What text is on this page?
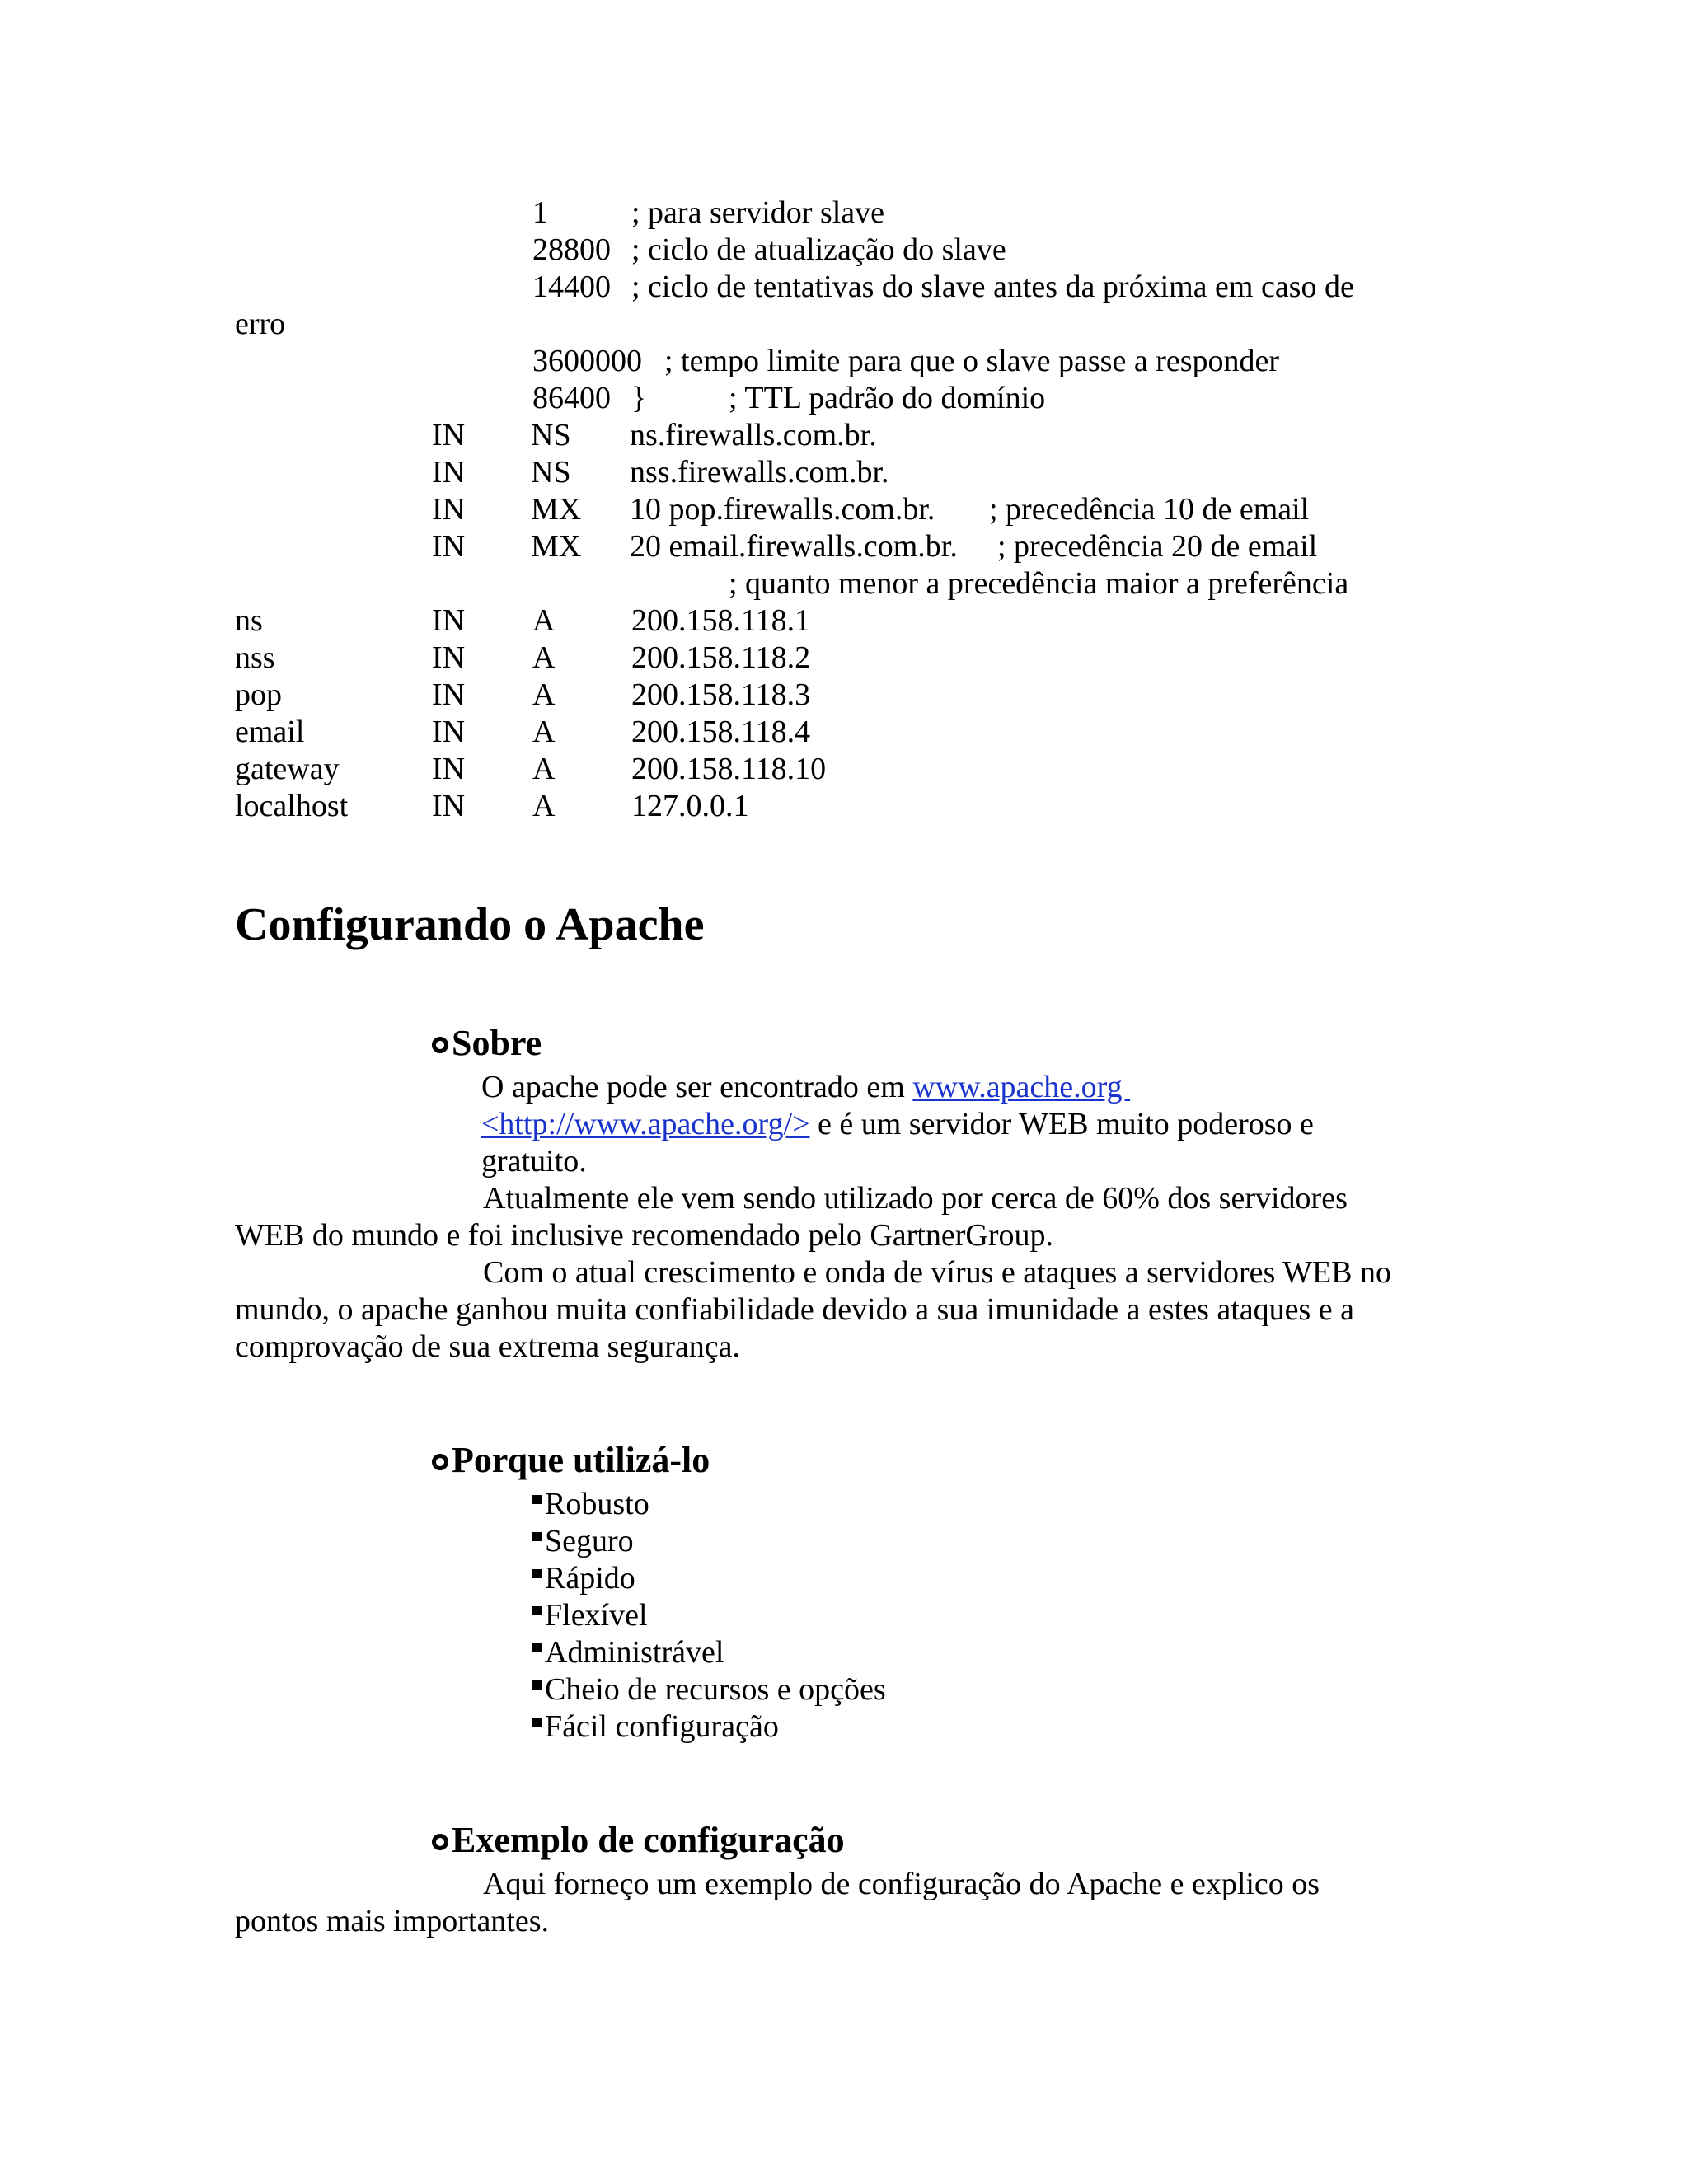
1	; para servidor slave
28800 ; ciclo de atualização do slave
14400 ; ciclo de tentativas do slave antes da próxima em caso de
erro
3600000 ; tempo limite para que o slave passe a responder
86400 }	; TTL padrão do domínio
IN NS ns.firewalls.com.br.
IN NS nss.firewalls.com.br.
IN MX 10 pop.firewalls.com.br. ; precedência 10 de email
IN MX 20 email.firewalls.com.br. ; precedência 20 de email
; quanto menor a precedência maior a preferência
ns	IN A 200.158.118.1
nss	IN A 200.158.118.2
pop	IN A 200.158.118.3
email	IN A 200.158.118.4
gateway	IN A 200.158.118.10
localhost	IN A 127.0.0.1
Configurando o Apache
Sobre
O apache pode ser encontrado em www.apache.org
<http://www.apache.org/> e é um servidor WEB muito poderoso e
gratuito.
Atualmente ele vem sendo utilizado por cerca de 60% dos servidores
WEB do mundo e foi inclusive recomendado pelo GartnerGroup.
Com o atual crescimento e onda de vírus e ataques a servidores WEB no
mundo, o apache ganhou muita confiabilidade devido a sua imunidade a estes ataques e a
comprovação de sua extrema segurança.
Porque utilizá-lo
Robusto
Seguro
Rápido
Flexível
Administrável
Cheio de recursos e opções
Fácil configuração
Exemplo de configuração
Aqui forneço um exemplo de configuração do Apache e explico os
pontos mais importantes.
